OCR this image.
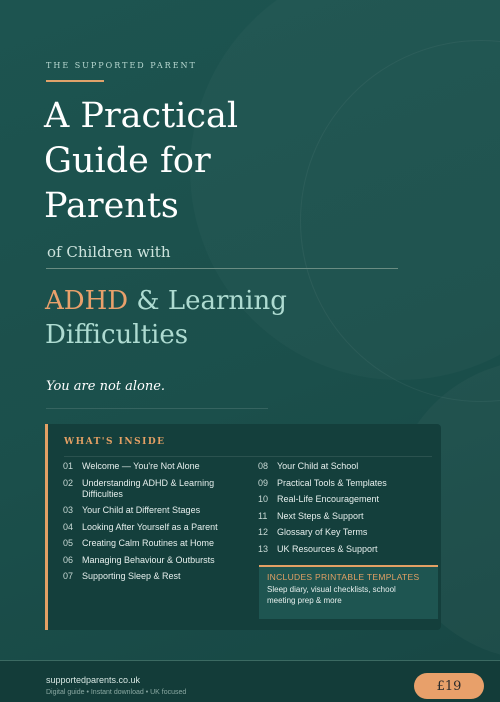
THE SUPPORTED PARENT
A Practical
Guide for
Parents
of Children with
ADHD & Learning
Difficulties
You are not alone.
WHAT'S INSIDE
01 Welcome — You're Not Alone
02 Understanding ADHD & Learning Difficulties
03 Your Child at Different Stages
04 Looking After Yourself as a Parent
05 Creating Calm Routines at Home
06 Managing Behaviour & Outbursts
07 Supporting Sleep & Rest
08 Your Child at School
09 Practical Tools & Templates
10 Real-Life Encouragement
11	Next Steps & Support
12 Glossary of Key Terms
13 UK Resources & Support
INCLUDES PRINTABLE TEMPLATES
Sleep diary, visual checklists, school meeting prep & more
supportedparents.co.uk
Digital guide • Instant download • UK focused	£19
